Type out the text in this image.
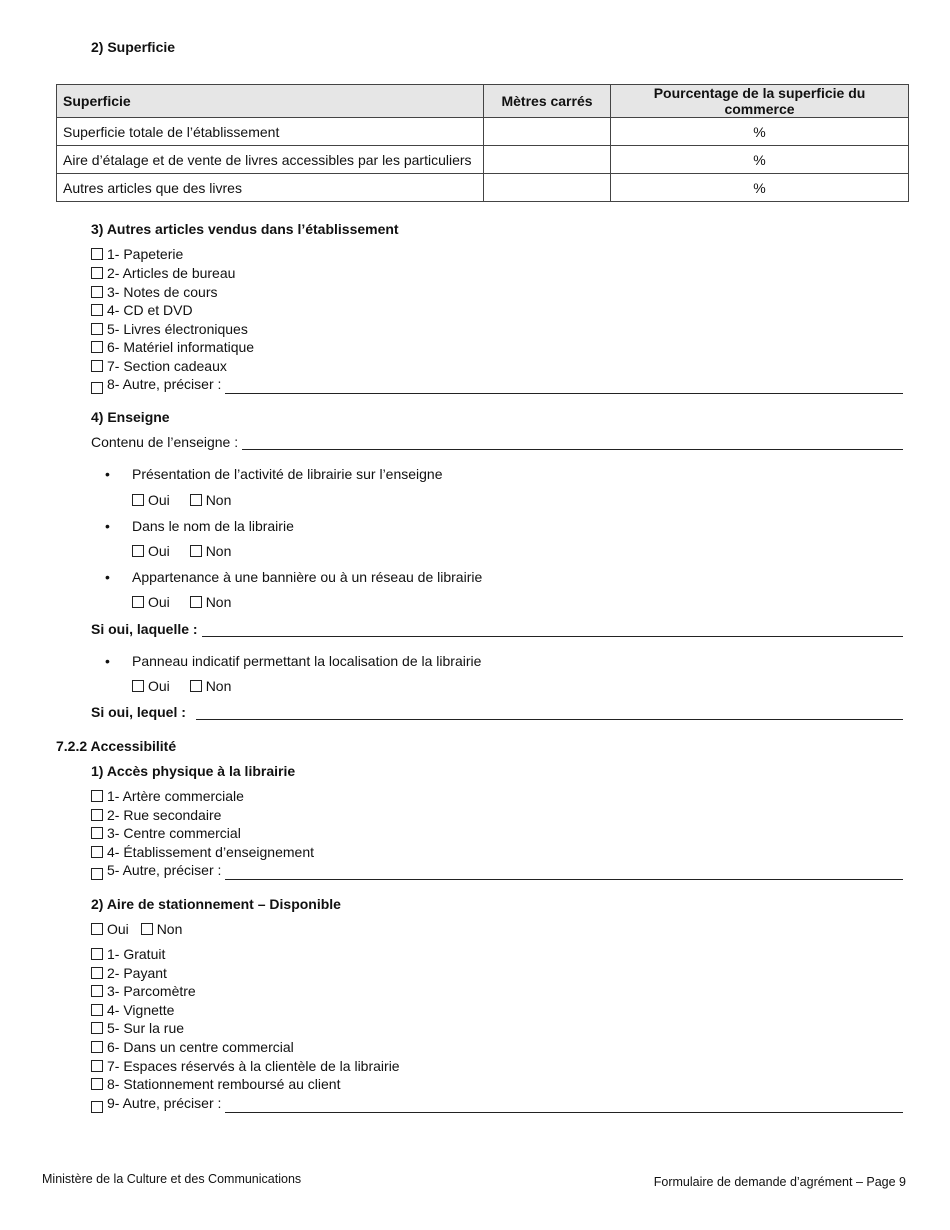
2) Superficie
Superficie	Mètres carrés	Pourcentage de la superficie du commerce
Superficie totale de l’établissement		%
Aire d’étalage et de vente de livres accessibles par les particuliers		%
Autres articles que des livres		%
3) Autres articles vendus dans l’établissement
1- Papeterie
2- Articles de bureau
3- Notes de cours
4- CD et DVD
5- Livres électroniques
6- Matériel informatique
7- Section cadeaux
8- Autre, préciser :
4) Enseigne
Contenu de l’enseigne :
• Présentation de l’activité de librairie sur l’enseigne
Oui	Non
• Dans le nom de la librairie
Oui	Non
• Appartenance à une bannière ou à un réseau de librairie
Oui	Non
Si oui, laquelle :
• Panneau indicatif permettant la localisation de la librairie
Oui	Non
Si oui, lequel :
7.2.2 Accessibilité
1) Accès physique à la librairie
1- Artère commerciale
2- Rue secondaire
3- Centre commercial
4- Établissement d’enseignement
5- Autre, préciser :
2) Aire de stationnement – Disponible
Oui Non
1- Gratuit
2- Payant
3- Parcomètre
4- Vignette
5- Sur la rue
6- Dans un centre commercial
7- Espaces réservés à la clientèle de la librairie
8- Stationnement remboursé au client
9- Autre, préciser :
Ministère de la Culture et des Communications	Formulaire de demande d’agrément – Page 9
